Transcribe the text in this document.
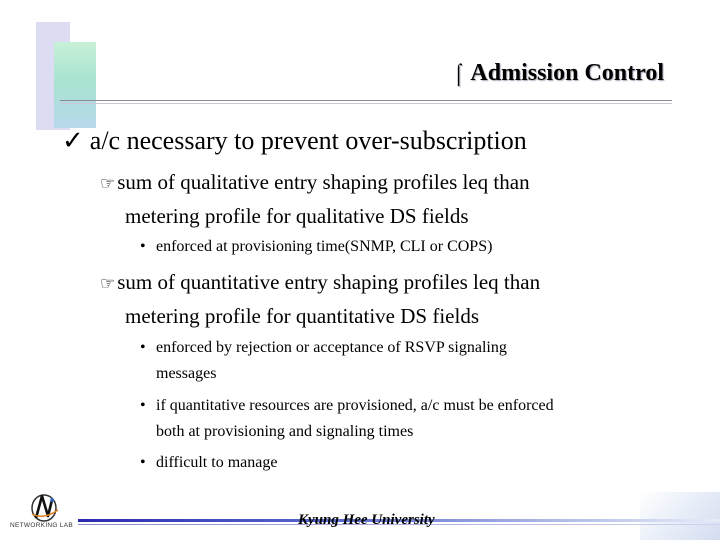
⌠ Admission Control
✓ a/c necessary to prevent over-subscription
☞sum of qualitative entry shaping profiles leq than
metering profile for qualitative DS fields
• enforced at provisioning time(SNMP, CLI or COPS)
☞sum of quantitative entry shaping profiles leq than
metering profile for quantitative DS fields
• enforced by rejection or acceptance of RSVP signaling
messages
• if quantitative resources are provisioned, a/c must be enforced
both at provisioning and signaling times
• difficult to manage
Kyung Hee University
NETWORKING LAB
